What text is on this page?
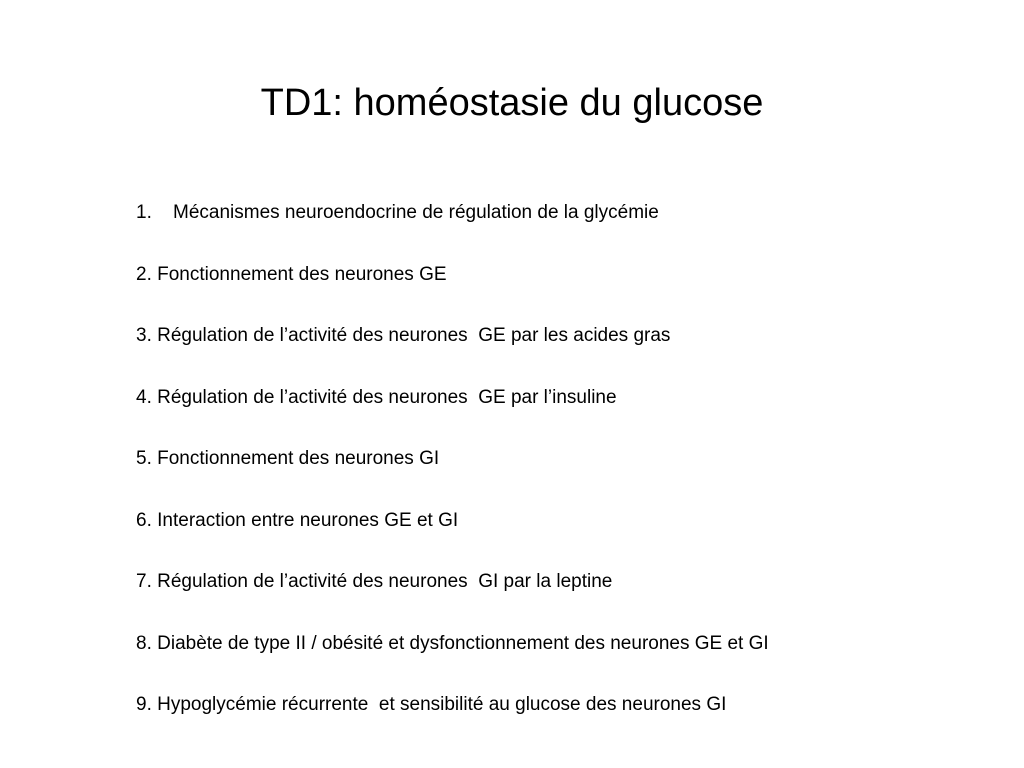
TD1: homéostasie du glucose
1. Mécanismes neuroendocrine de régulation de la glycémie
2. Fonctionnement des neurones GE
3. Régulation de l’activité des neurones  GE par les acides gras
4. Régulation de l’activité des neurones  GE par l’insuline
5. Fonctionnement des neurones GI
6. Interaction entre neurones GE et GI
7. Régulation de l’activité des neurones  GI par la leptine
8. Diabète de type II / obésité et dysfonctionnement des neurones GE et GI
9. Hypoglycémie récurrente  et sensibilité au glucose des neurones GI
